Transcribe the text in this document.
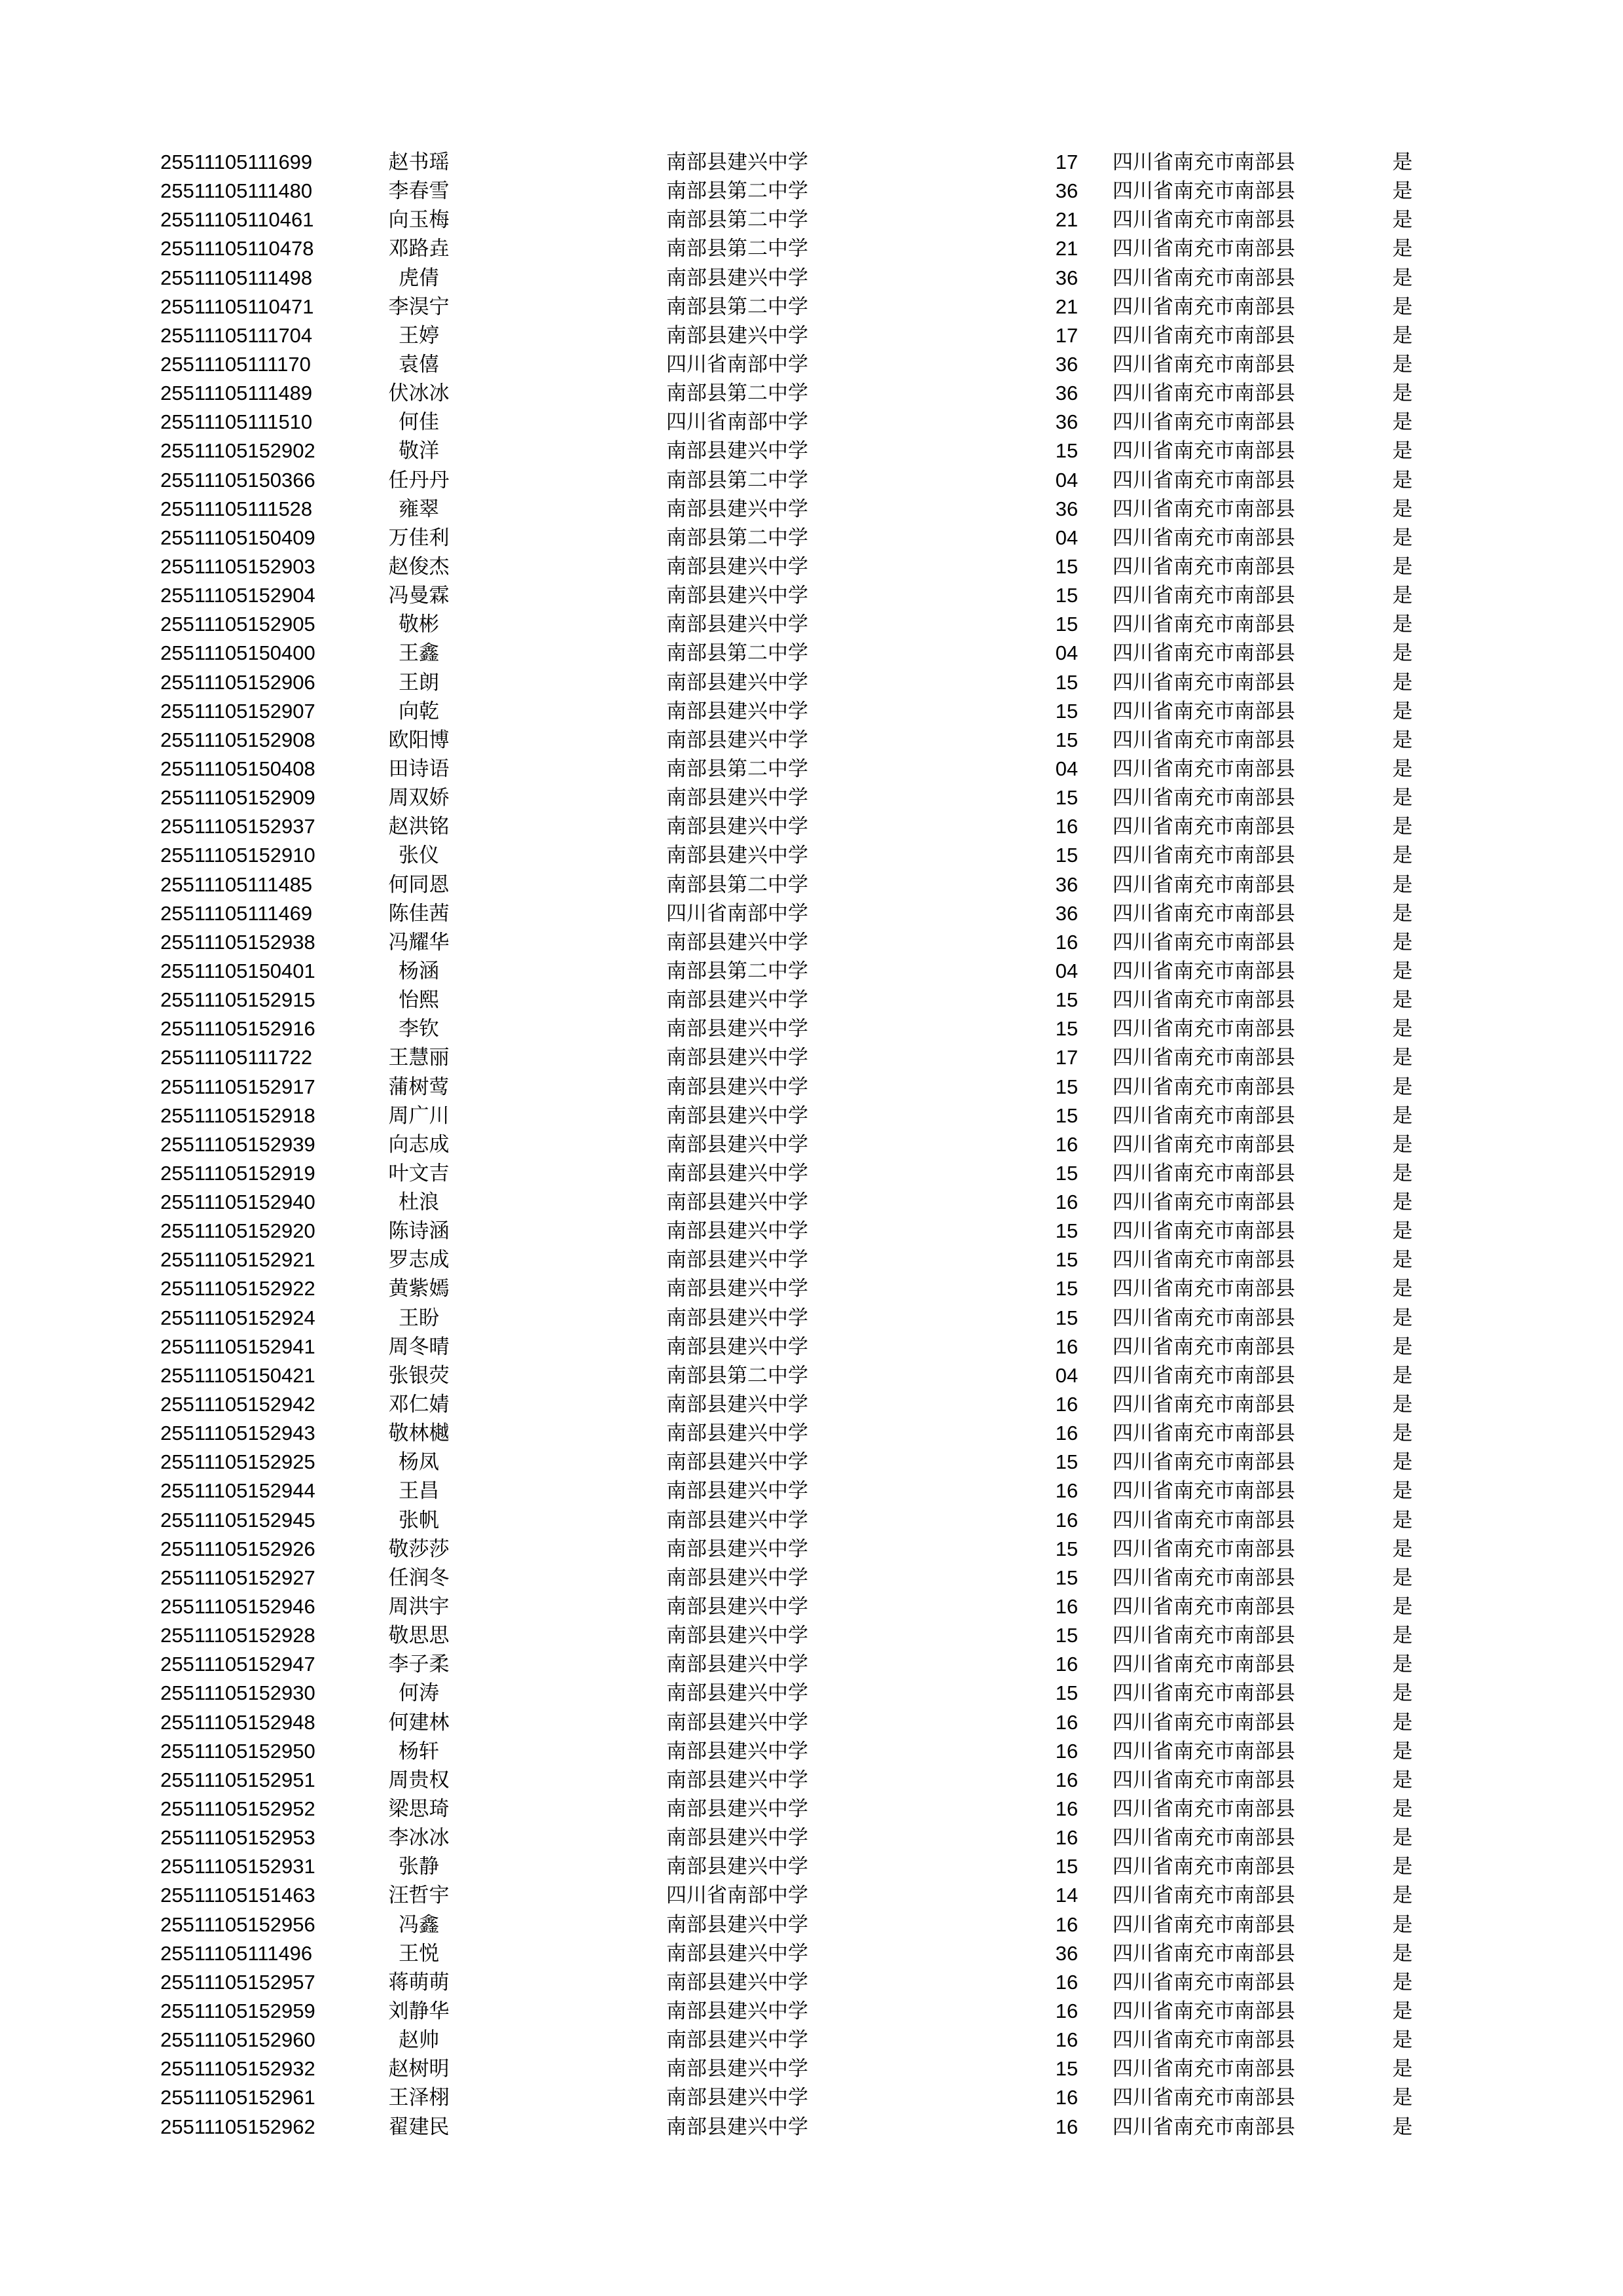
25511105111699	赵书瑶	南部县建兴中学	17 四川省南充市南部县	是
25511105111480	李春雪	南部县第二中学	36 四川省南充市南部县	是
25511105110461	向玉梅	南部县第二中学	21 四川省南充市南部县	是
25511105110478	邓路垚	南部县第二中学	21 四川省南充市南部县	是
25511105111498	虎倩	南部县建兴中学	36 四川省南充市南部县	是
25511105110471	李淏宁	南部县第二中学	21 四川省南充市南部县	是
25511105111704	王婷	南部县建兴中学	17 四川省南充市南部县	是
25511105111170	袁僖	四川省南部中学	36 四川省南充市南部县	是
25511105111489	伏冰冰	南部县第二中学	36 四川省南充市南部县	是
25511105111510	何佳	四川省南部中学	36 四川省南充市南部县	是
25511105152902	敬洋	南部县建兴中学	15 四川省南充市南部县	是
25511105150366	任丹丹	南部县第二中学	04 四川省南充市南部县	是
25511105111528	雍翠	南部县建兴中学	36 四川省南充市南部县	是
25511105150409	万佳利	南部县第二中学	04 四川省南充市南部县	是
25511105152903	赵俊杰	南部县建兴中学	15 四川省南充市南部县	是
25511105152904	冯曼霖	南部县建兴中学	15 四川省南充市南部县	是
25511105152905	敬彬	南部县建兴中学	15 四川省南充市南部县	是
25511105150400	王鑫	南部县第二中学	04 四川省南充市南部县	是
25511105152906	王朗	南部县建兴中学	15 四川省南充市南部县	是
25511105152907	向乾	南部县建兴中学	15 四川省南充市南部县	是
25511105152908	欧阳博	南部县建兴中学	15 四川省南充市南部县	是
25511105150408	田诗语	南部县第二中学	04 四川省南充市南部县	是
25511105152909	周双娇	南部县建兴中学	15 四川省南充市南部县	是
25511105152937	赵洪铭	南部县建兴中学	16 四川省南充市南部县	是
25511105152910	张仪	南部县建兴中学	15 四川省南充市南部县	是
25511105111485	何同恩	南部县第二中学	36 四川省南充市南部县	是
25511105111469	陈佳茜	四川省南部中学	36 四川省南充市南部县	是
25511105152938	冯耀华	南部县建兴中学	16 四川省南充市南部县	是
25511105150401	杨涵	南部县第二中学	04 四川省南充市南部县	是
25511105152915	怡熙	南部县建兴中学	15 四川省南充市南部县	是
25511105152916	李钦	南部县建兴中学	15 四川省南充市南部县	是
25511105111722	王慧丽	南部县建兴中学	17 四川省南充市南部县	是
25511105152917	蒲树莺	南部县建兴中学	15 四川省南充市南部县	是
25511105152918	周广川	南部县建兴中学	15 四川省南充市南部县	是
25511105152939	向志成	南部县建兴中学	16 四川省南充市南部县	是
25511105152919	叶文吉	南部县建兴中学	15 四川省南充市南部县	是
25511105152940	杜浪	南部县建兴中学	16 四川省南充市南部县	是
25511105152920	陈诗涵	南部县建兴中学	15 四川省南充市南部县	是
25511105152921	罗志成	南部县建兴中学	15 四川省南充市南部县	是
25511105152922	黄紫嫣	南部县建兴中学	15 四川省南充市南部县	是
25511105152924	王盼	南部县建兴中学	15 四川省南充市南部县	是
25511105152941	周冬晴	南部县建兴中学	16 四川省南充市南部县	是
25511105150421	张银荧	南部县第二中学	04 四川省南充市南部县	是
25511105152942	邓仁婧	南部县建兴中学	16 四川省南充市南部县	是
25511105152943	敬林樾	南部县建兴中学	16 四川省南充市南部县	是
25511105152925	杨凤	南部县建兴中学	15 四川省南充市南部县	是
25511105152944	王昌	南部县建兴中学	16 四川省南充市南部县	是
25511105152945	张帆	南部县建兴中学	16 四川省南充市南部县	是
25511105152926	敬莎莎	南部县建兴中学	15 四川省南充市南部县	是
25511105152927	任润冬	南部县建兴中学	15 四川省南充市南部县	是
25511105152946	周洪宇	南部县建兴中学	16 四川省南充市南部县	是
25511105152928	敬思思	南部县建兴中学	15 四川省南充市南部县	是
25511105152947	李子柔	南部县建兴中学	16 四川省南充市南部县	是
25511105152930	何涛	南部县建兴中学	15 四川省南充市南部县	是
25511105152948	何建林	南部县建兴中学	16 四川省南充市南部县	是
25511105152950	杨轩	南部县建兴中学	16 四川省南充市南部县	是
25511105152951	周贵权	南部县建兴中学	16 四川省南充市南部县	是
25511105152952	梁思琦	南部县建兴中学	16 四川省南充市南部县	是
25511105152953	李冰冰	南部县建兴中学	16 四川省南充市南部县	是
25511105152931	张静	南部县建兴中学	15 四川省南充市南部县	是
25511105151463	汪哲宇	四川省南部中学	14 四川省南充市南部县	是
25511105152956	冯鑫	南部县建兴中学	16 四川省南充市南部县	是
25511105111496	王悦	南部县建兴中学	36 四川省南充市南部县	是
25511105152957	蒋萌萌	南部县建兴中学	16 四川省南充市南部县	是
25511105152959	刘静华	南部县建兴中学	16 四川省南充市南部县	是
25511105152960	赵帅	南部县建兴中学	16 四川省南充市南部县	是
25511105152932	赵树明	南部县建兴中学	15 四川省南充市南部县	是
25511105152961	王泽栩	南部县建兴中学	16 四川省南充市南部县	是
25511105152962	翟建民	南部县建兴中学	16 四川省南充市南部县	是
